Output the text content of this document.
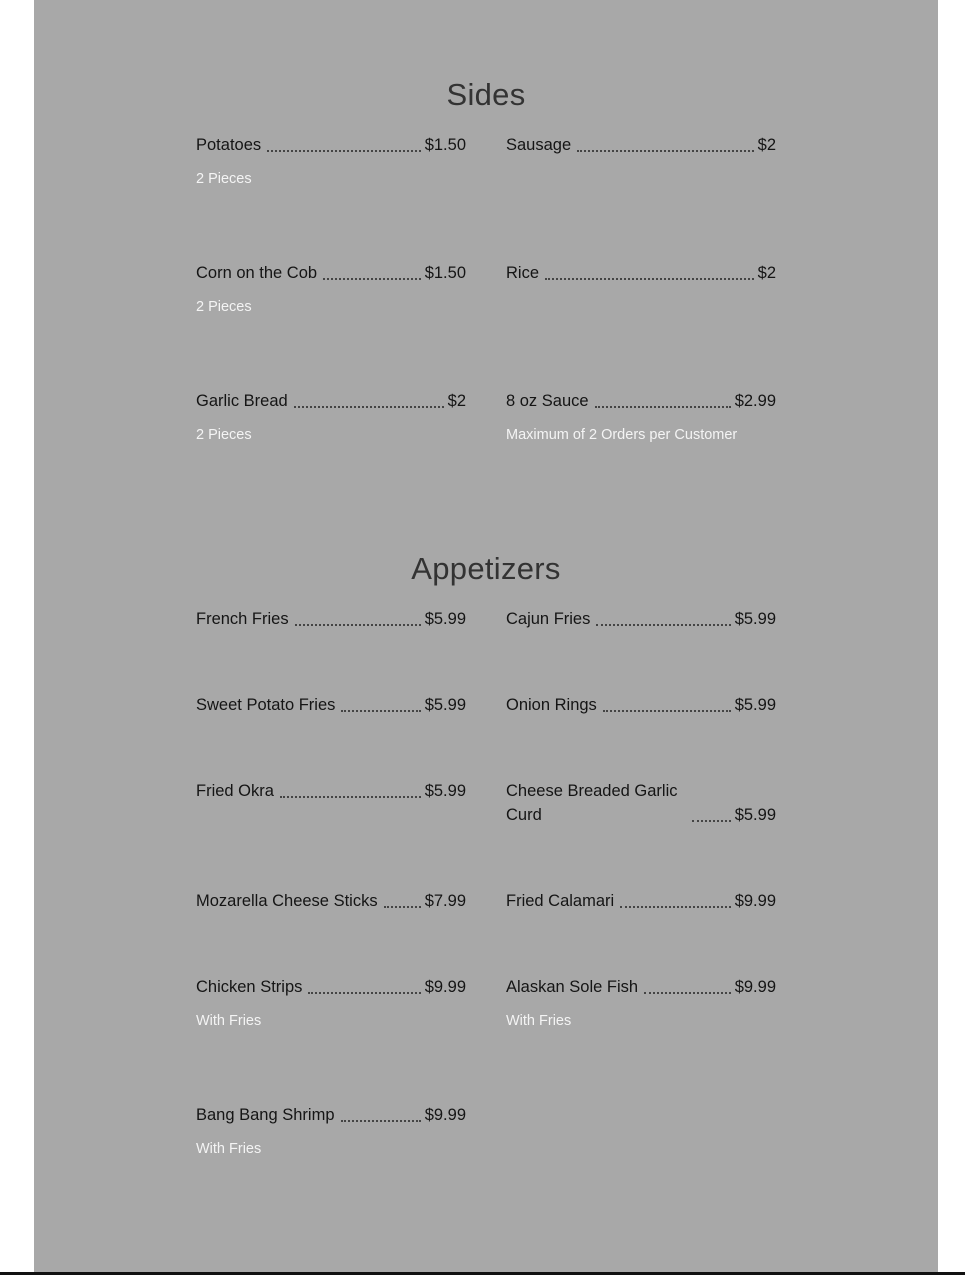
Sides
Potatoes	$1.50
2 Pieces
Sausage	$2
Corn on the Cob	$1.50
2 Pieces
Rice	$2
Garlic Bread	$2
2 Pieces
8 oz Sauce	$2.99
Maximum of 2 Orders per Customer
Appetizers
French Fries	$5.99 Cajun Fries	$5.99
Sweet Potato Fries	$5.99 Onion Rings	$5.99
Fried Okra	$5.99 Cheese Breaded Garlic Curd	$5.99
Mozarella Cheese Sticks	$7.99 Fried Calamari	$9.99
Chicken Strips	$9.99
With Fries
Alaskan Sole Fish	$9.99
With Fries
Bang Bang Shrimp	$9.99
With Fries
